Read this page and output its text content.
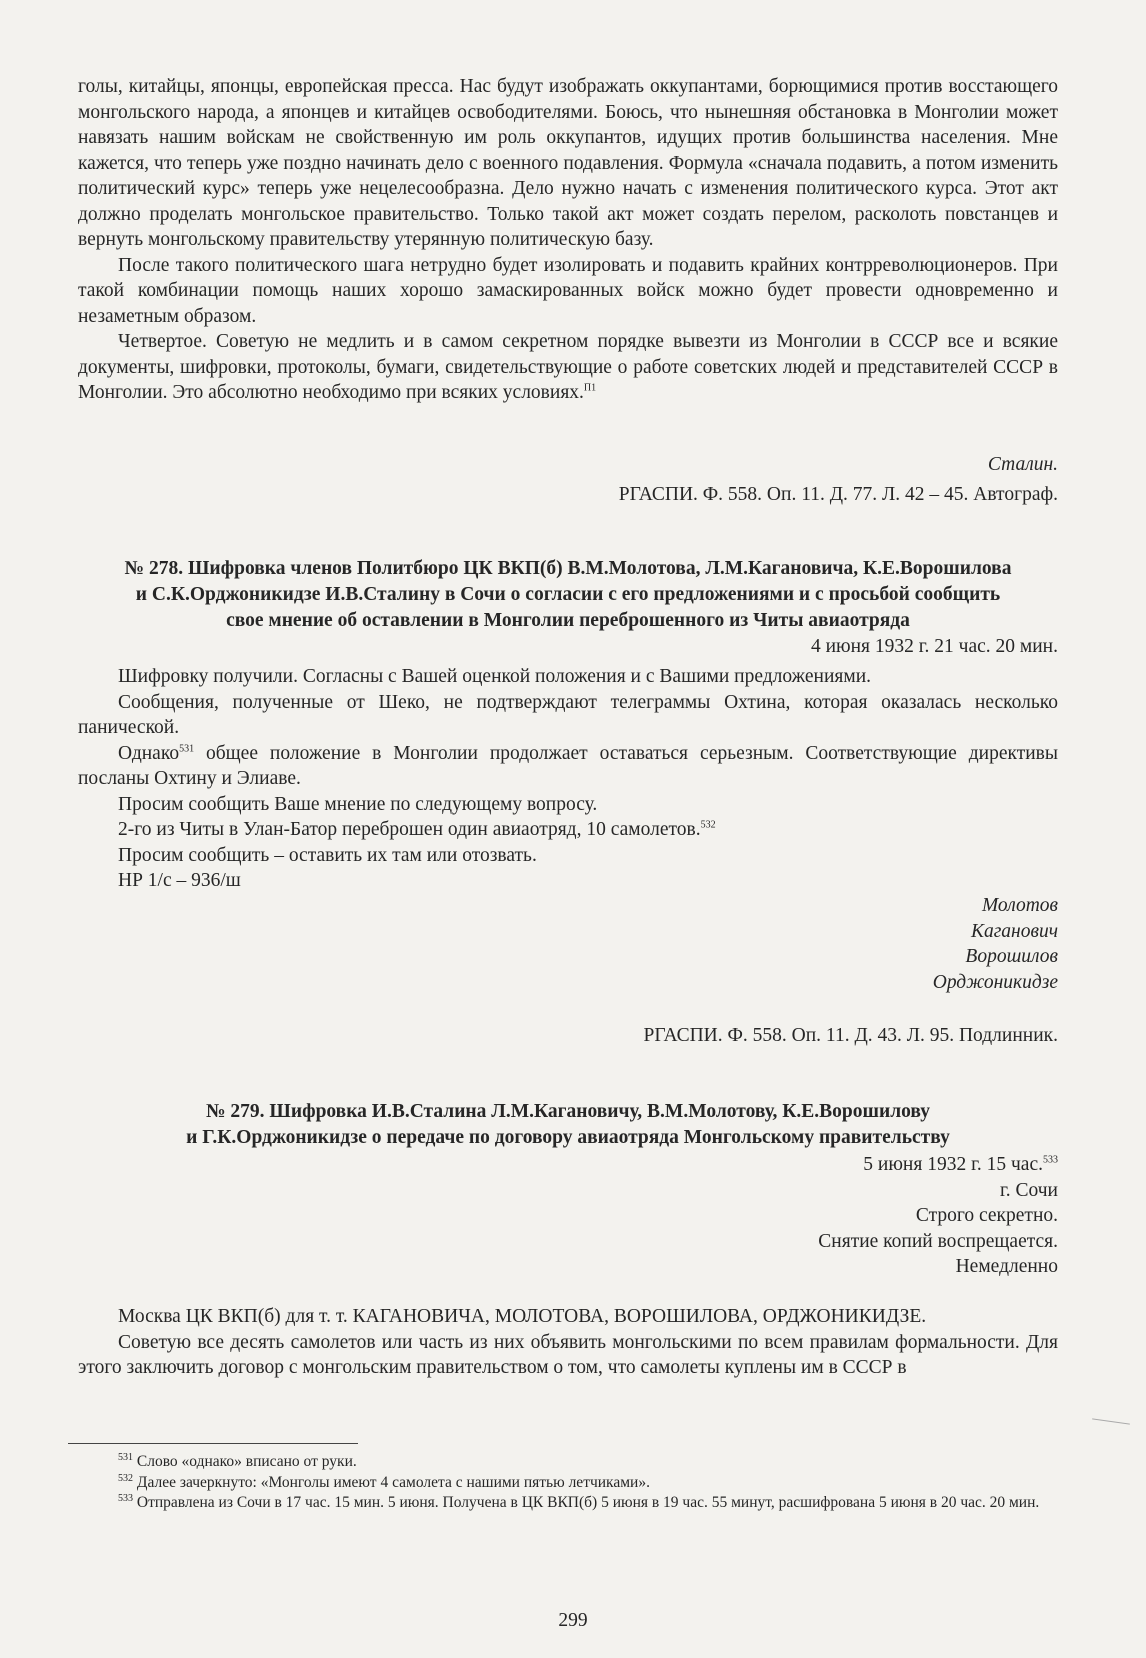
голы, китайцы, японцы, европейская пресса. Нас будут изображать оккупантами, борющимися против восстающего монгольского народа, а японцев и китайцев освободителями. Боюсь, что нынешняя обстановка в Монголии может навязать нашим войскам не свойственную им роль оккупантов, идущих против большинства населения. Мне кажется, что теперь уже поздно начинать дело с военного подавления. Формула «сначала подавить, а потом изменить политический курс» теперь уже нецелесообразна. Дело нужно начать с изменения политического курса. Этот акт должно проделать монгольское правительство. Только такой акт может создать перелом, расколоть повстанцев и вернуть монгольскому правительству утерянную политическую базу.

После такого политического шага нетрудно будет изолировать и подавить крайних контрреволюционеров. При такой комбинации помощь наших хорошо замаскированных войск можно будет провести одновременно и незаметным образом.

Четвертое. Советую не медлить и в самом секретном порядке вывезти из Монголии в СССР все и всякие документы, шифровки, протоколы, бумаги, свидетельствующие о работе советских людей и представителей СССР в Монголии. Это абсолютно необходимо при всяких условиях.$^{П1}$

Сталин.

РГАСПИ. Ф. 558. Оп. 11. Д. 77. Л. 42 – 45. Автограф.

№ 278. Шифровка членов Политбюро ЦК ВКП(б) В.М.Молотова, Л.М.Кагановича, К.Е.Ворошилова

и С.К.Орджоникидзе И.В.Сталину в Сочи о согласии с его предложениями и с просьбой сообщить

свое мнение об оставлении в Монголии переброшенного из Читы авиаотряда

4 июня 1932 г. 21 час. 20 мин.

Шифровку получили. Согласны с Вашей оценкой положения и с Вашими предложениями.

Сообщения, полученные от Шеко, не подтверждают телеграммы Охтина, которая оказалась несколько панической.

Однако$^{531}$ общее положение в Монголии продолжает оставаться серьезным. Соответствующие директивы посланы Охтину и Элиаве.

Просим сообщить Ваше мнение по следующему вопросу.

2-го из Читы в Улан-Батор переброшен один авиаотряд, 10 самолетов.$^{532}$

Просим сообщить – оставить их там или отозвать.

НР 1/с – 936/ш

Молотов

Каганович

Ворошилов

Орджоникидзе

РГАСПИ. Ф. 558. Оп. 11. Д. 43. Л. 95. Подлинник.

№ 279. Шифровка И.В.Сталина Л.М.Кагановичу, В.М.Молотову, К.Е.Ворошилову

и Г.К.Орджоникидзе о передаче по договору авиаотряда Монгольскому правительству

5 июня 1932 г. 15 час.$^{533}$

г. Сочи

Строго секретно.

Снятие копий воспрещается.

Немедленно

Москва ЦК ВКП(б) для т. т. КАГАНОВИЧА, МОЛОТОВА, ВОРОШИЛОВА, ОРДЖОНИКИДЗЕ.

Советую все десять самолетов или часть из них объявить монгольскими по всем правилам формальности. Для этого заключить договор с монгольским правительством о том, что самолеты куплены им в СССР в

$^{531}$ Слово «однако» вписано от руки.

$^{532}$ Далее зачеркнуто: «Монголы имеют 4 самолета с нашими пятью летчиками».

$^{533}$ Отправлена из Сочи в 17 час. 15 мин. 5 июня. Получена в ЦК ВКП(б) 5 июня в 19 час. 55 минут, расшифрована 5 июня в 20 час. 20 мин.

299
